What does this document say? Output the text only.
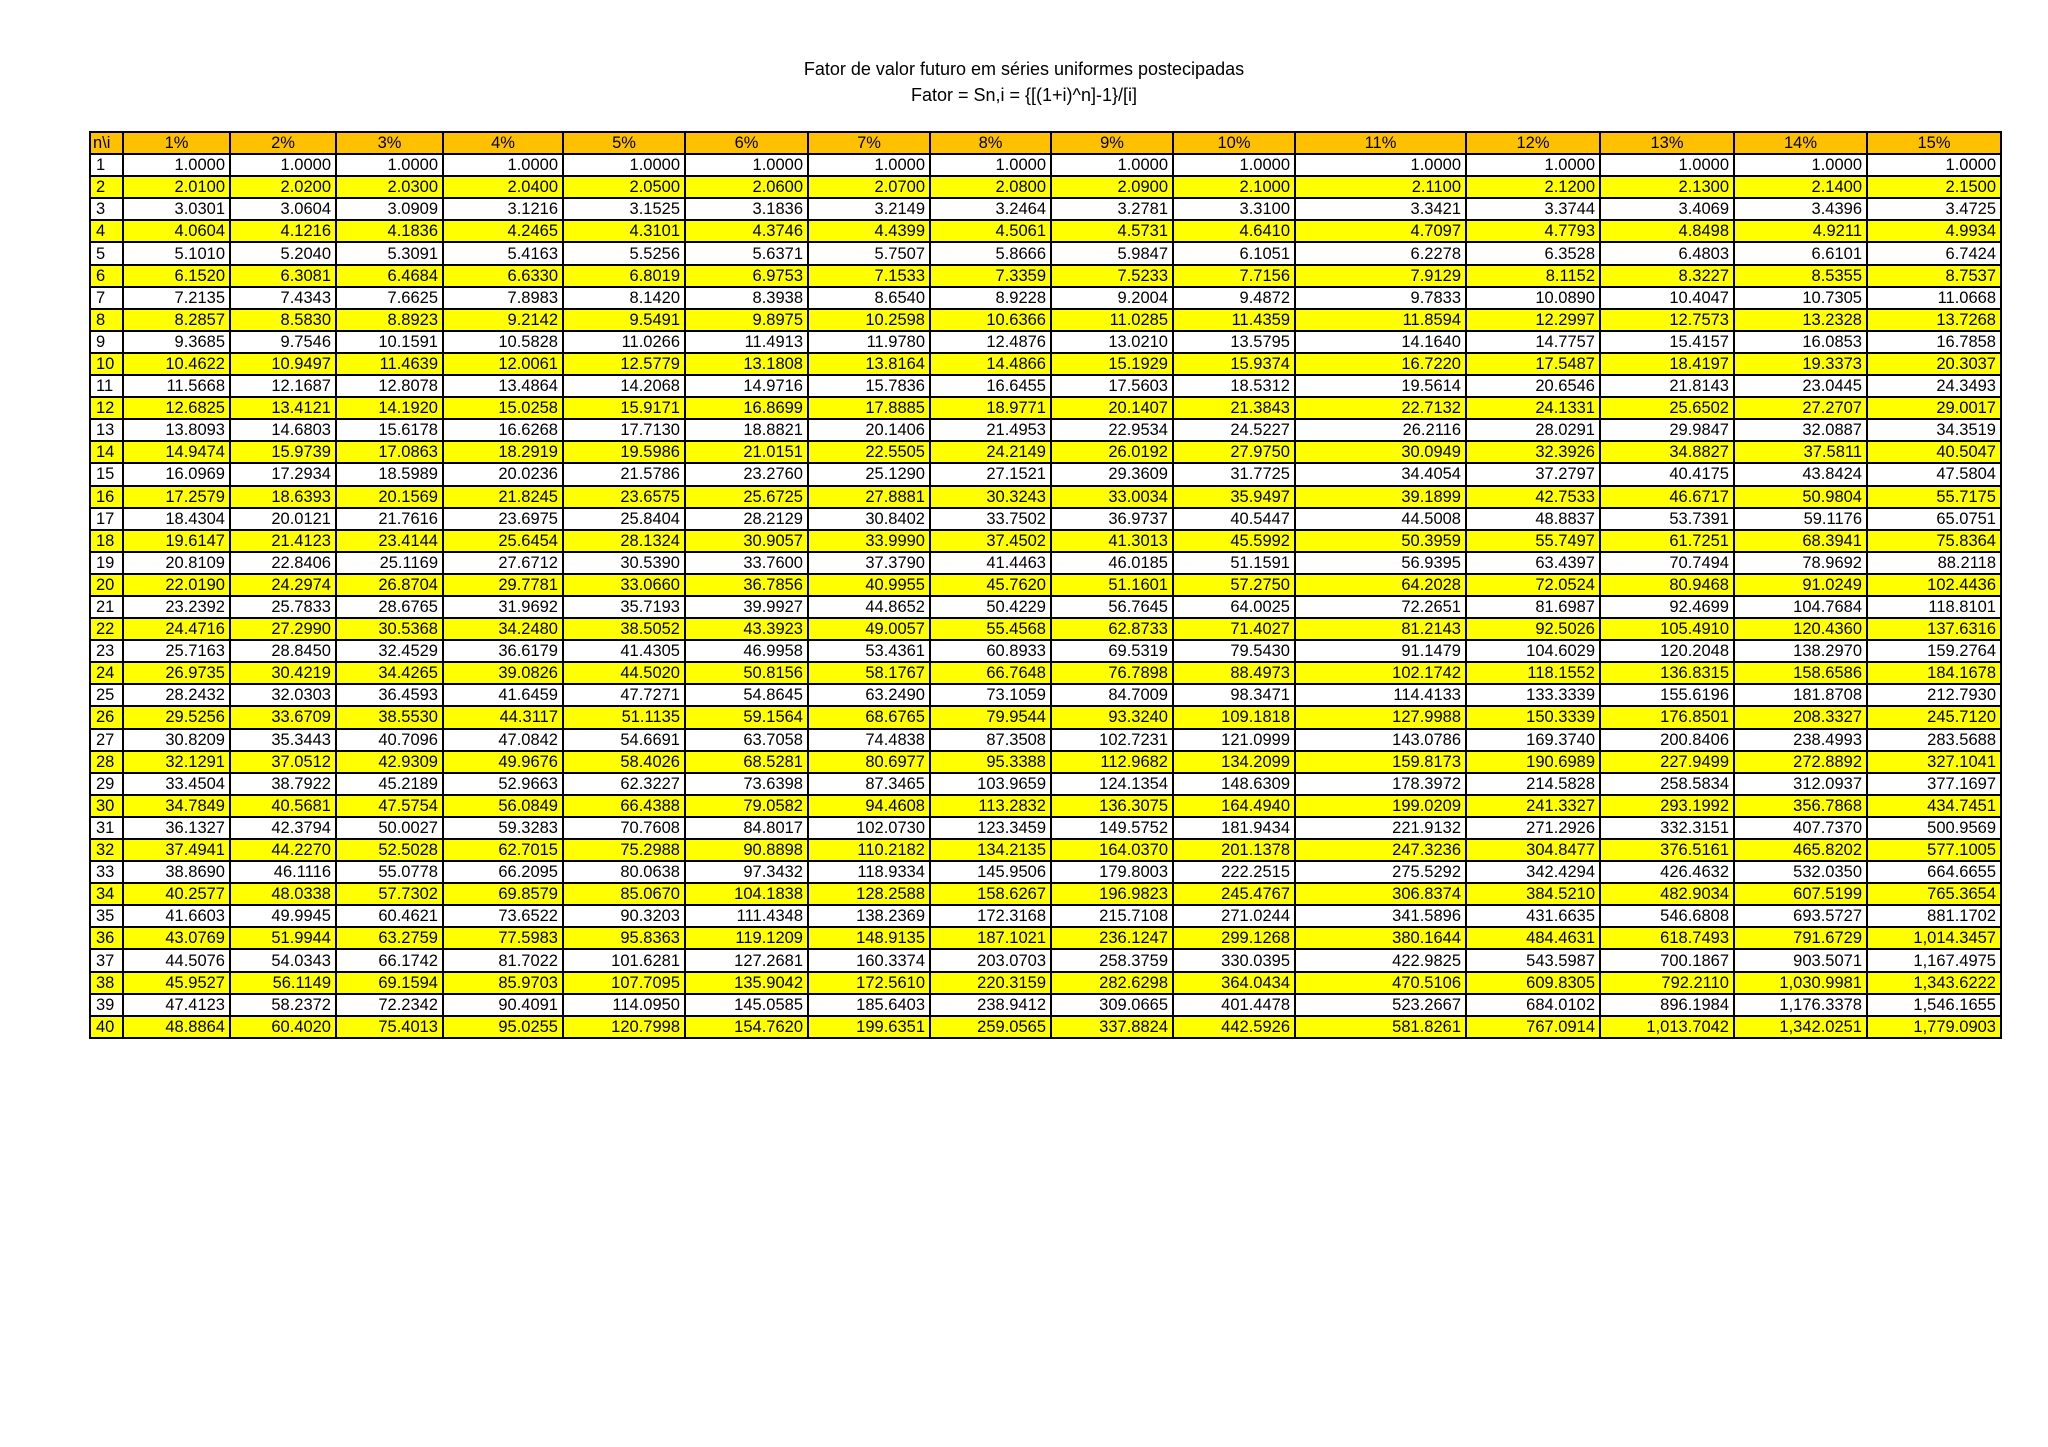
Fator de valor futuro em séries uniformes postecipadas
Fator = Sn,i = {[(1+i)^n]-1}/[i]
n\i	1%	2%	3%	4%	5%	6%	7%	8%	9%	10%	11%	12%	13%	14%	15%
1	1.0000	1.0000	1.0000	1.0000	1.0000	1.0000	1.0000	1.0000	1.0000	1.0000	1.0000	1.0000	1.0000	1.0000	1.0000
2	2.0100	2.0200	2.0300	2.0400	2.0500	2.0600	2.0700	2.0800	2.0900	2.1000	2.1100	2.1200	2.1300	2.1400	2.1500
3	3.0301	3.0604	3.0909	3.1216	3.1525	3.1836	3.2149	3.2464	3.2781	3.3100	3.3421	3.3744	3.4069	3.4396	3.4725
4	4.0604	4.1216	4.1836	4.2465	4.3101	4.3746	4.4399	4.5061	4.5731	4.6410	4.7097	4.7793	4.8498	4.9211	4.9934
5	5.1010	5.2040	5.3091	5.4163	5.5256	5.6371	5.7507	5.8666	5.9847	6.1051	6.2278	6.3528	6.4803	6.6101	6.7424
6	6.1520	6.3081	6.4684	6.6330	6.8019	6.9753	7.1533	7.3359	7.5233	7.7156	7.9129	8.1152	8.3227	8.5355	8.7537
7	7.2135	7.4343	7.6625	7.8983	8.1420	8.3938	8.6540	8.9228	9.2004	9.4872	9.7833	10.0890	10.4047	10.7305	11.0668
8	8.2857	8.5830	8.8923	9.2142	9.5491	9.8975	10.2598	10.6366	11.0285	11.4359	11.8594	12.2997	12.7573	13.2328	13.7268
9	9.3685	9.7546	10.1591	10.5828	11.0266	11.4913	11.9780	12.4876	13.0210	13.5795	14.1640	14.7757	15.4157	16.0853	16.7858
10	10.4622	10.9497	11.4639	12.0061	12.5779	13.1808	13.8164	14.4866	15.1929	15.9374	16.7220	17.5487	18.4197	19.3373	20.3037
11	11.5668	12.1687	12.8078	13.4864	14.2068	14.9716	15.7836	16.6455	17.5603	18.5312	19.5614	20.6546	21.8143	23.0445	24.3493
12	12.6825	13.4121	14.1920	15.0258	15.9171	16.8699	17.8885	18.9771	20.1407	21.3843	22.7132	24.1331	25.6502	27.2707	29.0017
13	13.8093	14.6803	15.6178	16.6268	17.7130	18.8821	20.1406	21.4953	22.9534	24.5227	26.2116	28.0291	29.9847	32.0887	34.3519
14	14.9474	15.9739	17.0863	18.2919	19.5986	21.0151	22.5505	24.2149	26.0192	27.9750	30.0949	32.3926	34.8827	37.5811	40.5047
15	16.0969	17.2934	18.5989	20.0236	21.5786	23.2760	25.1290	27.1521	29.3609	31.7725	34.4054	37.2797	40.4175	43.8424	47.5804
16	17.2579	18.6393	20.1569	21.8245	23.6575	25.6725	27.8881	30.3243	33.0034	35.9497	39.1899	42.7533	46.6717	50.9804	55.7175
17	18.4304	20.0121	21.7616	23.6975	25.8404	28.2129	30.8402	33.7502	36.9737	40.5447	44.5008	48.8837	53.7391	59.1176	65.0751
18	19.6147	21.4123	23.4144	25.6454	28.1324	30.9057	33.9990	37.4502	41.3013	45.5992	50.3959	55.7497	61.7251	68.3941	75.8364
19	20.8109	22.8406	25.1169	27.6712	30.5390	33.7600	37.3790	41.4463	46.0185	51.1591	56.9395	63.4397	70.7494	78.9692	88.2118
20	22.0190	24.2974	26.8704	29.7781	33.0660	36.7856	40.9955	45.7620	51.1601	57.2750	64.2028	72.0524	80.9468	91.0249	102.4436
21	23.2392	25.7833	28.6765	31.9692	35.7193	39.9927	44.8652	50.4229	56.7645	64.0025	72.2651	81.6987	92.4699	104.7684	118.8101
22	24.4716	27.2990	30.5368	34.2480	38.5052	43.3923	49.0057	55.4568	62.8733	71.4027	81.2143	92.5026	105.4910	120.4360	137.6316
23	25.7163	28.8450	32.4529	36.6179	41.4305	46.9958	53.4361	60.8933	69.5319	79.5430	91.1479	104.6029	120.2048	138.2970	159.2764
24	26.9735	30.4219	34.4265	39.0826	44.5020	50.8156	58.1767	66.7648	76.7898	88.4973	102.1742	118.1552	136.8315	158.6586	184.1678
25	28.2432	32.0303	36.4593	41.6459	47.7271	54.8645	63.2490	73.1059	84.7009	98.3471	114.4133	133.3339	155.6196	181.8708	212.7930
26	29.5256	33.6709	38.5530	44.3117	51.1135	59.1564	68.6765	79.9544	93.3240	109.1818	127.9988	150.3339	176.8501	208.3327	245.7120
27	30.8209	35.3443	40.7096	47.0842	54.6691	63.7058	74.4838	87.3508	102.7231	121.0999	143.0786	169.3740	200.8406	238.4993	283.5688
28	32.1291	37.0512	42.9309	49.9676	58.4026	68.5281	80.6977	95.3388	112.9682	134.2099	159.8173	190.6989	227.9499	272.8892	327.1041
29	33.4504	38.7922	45.2189	52.9663	62.3227	73.6398	87.3465	103.9659	124.1354	148.6309	178.3972	214.5828	258.5834	312.0937	377.1697
30	34.7849	40.5681	47.5754	56.0849	66.4388	79.0582	94.4608	113.2832	136.3075	164.4940	199.0209	241.3327	293.1992	356.7868	434.7451
31	36.1327	42.3794	50.0027	59.3283	70.7608	84.8017	102.0730	123.3459	149.5752	181.9434	221.9132	271.2926	332.3151	407.7370	500.9569
32	37.4941	44.2270	52.5028	62.7015	75.2988	90.8898	110.2182	134.2135	164.0370	201.1378	247.3236	304.8477	376.5161	465.8202	577.1005
33	38.8690	46.1116	55.0778	66.2095	80.0638	97.3432	118.9334	145.9506	179.8003	222.2515	275.5292	342.4294	426.4632	532.0350	664.6655
34	40.2577	48.0338	57.7302	69.8579	85.0670	104.1838	128.2588	158.6267	196.9823	245.4767	306.8374	384.5210	482.9034	607.5199	765.3654
35	41.6603	49.9945	60.4621	73.6522	90.3203	111.4348	138.2369	172.3168	215.7108	271.0244	341.5896	431.6635	546.6808	693.5727	881.1702
36	43.0769	51.9944	63.2759	77.5983	95.8363	119.1209	148.9135	187.1021	236.1247	299.1268	380.1644	484.4631	618.7493	791.6729	1,014.3457
37	44.5076	54.0343	66.1742	81.7022	101.6281	127.2681	160.3374	203.0703	258.3759	330.0395	422.9825	543.5987	700.1867	903.5071	1,167.4975
38	45.9527	56.1149	69.1594	85.9703	107.7095	135.9042	172.5610	220.3159	282.6298	364.0434	470.5106	609.8305	792.2110	1,030.9981	1,343.6222
39	47.4123	58.2372	72.2342	90.4091	114.0950	145.0585	185.6403	238.9412	309.0665	401.4478	523.2667	684.0102	896.1984	1,176.3378	1,546.1655
40	48.8864	60.4020	75.4013	95.0255	120.7998	154.7620	199.6351	259.0565	337.8824	442.5926	581.8261	767.0914	1,013.7042	1,342.0251	1,779.0903
